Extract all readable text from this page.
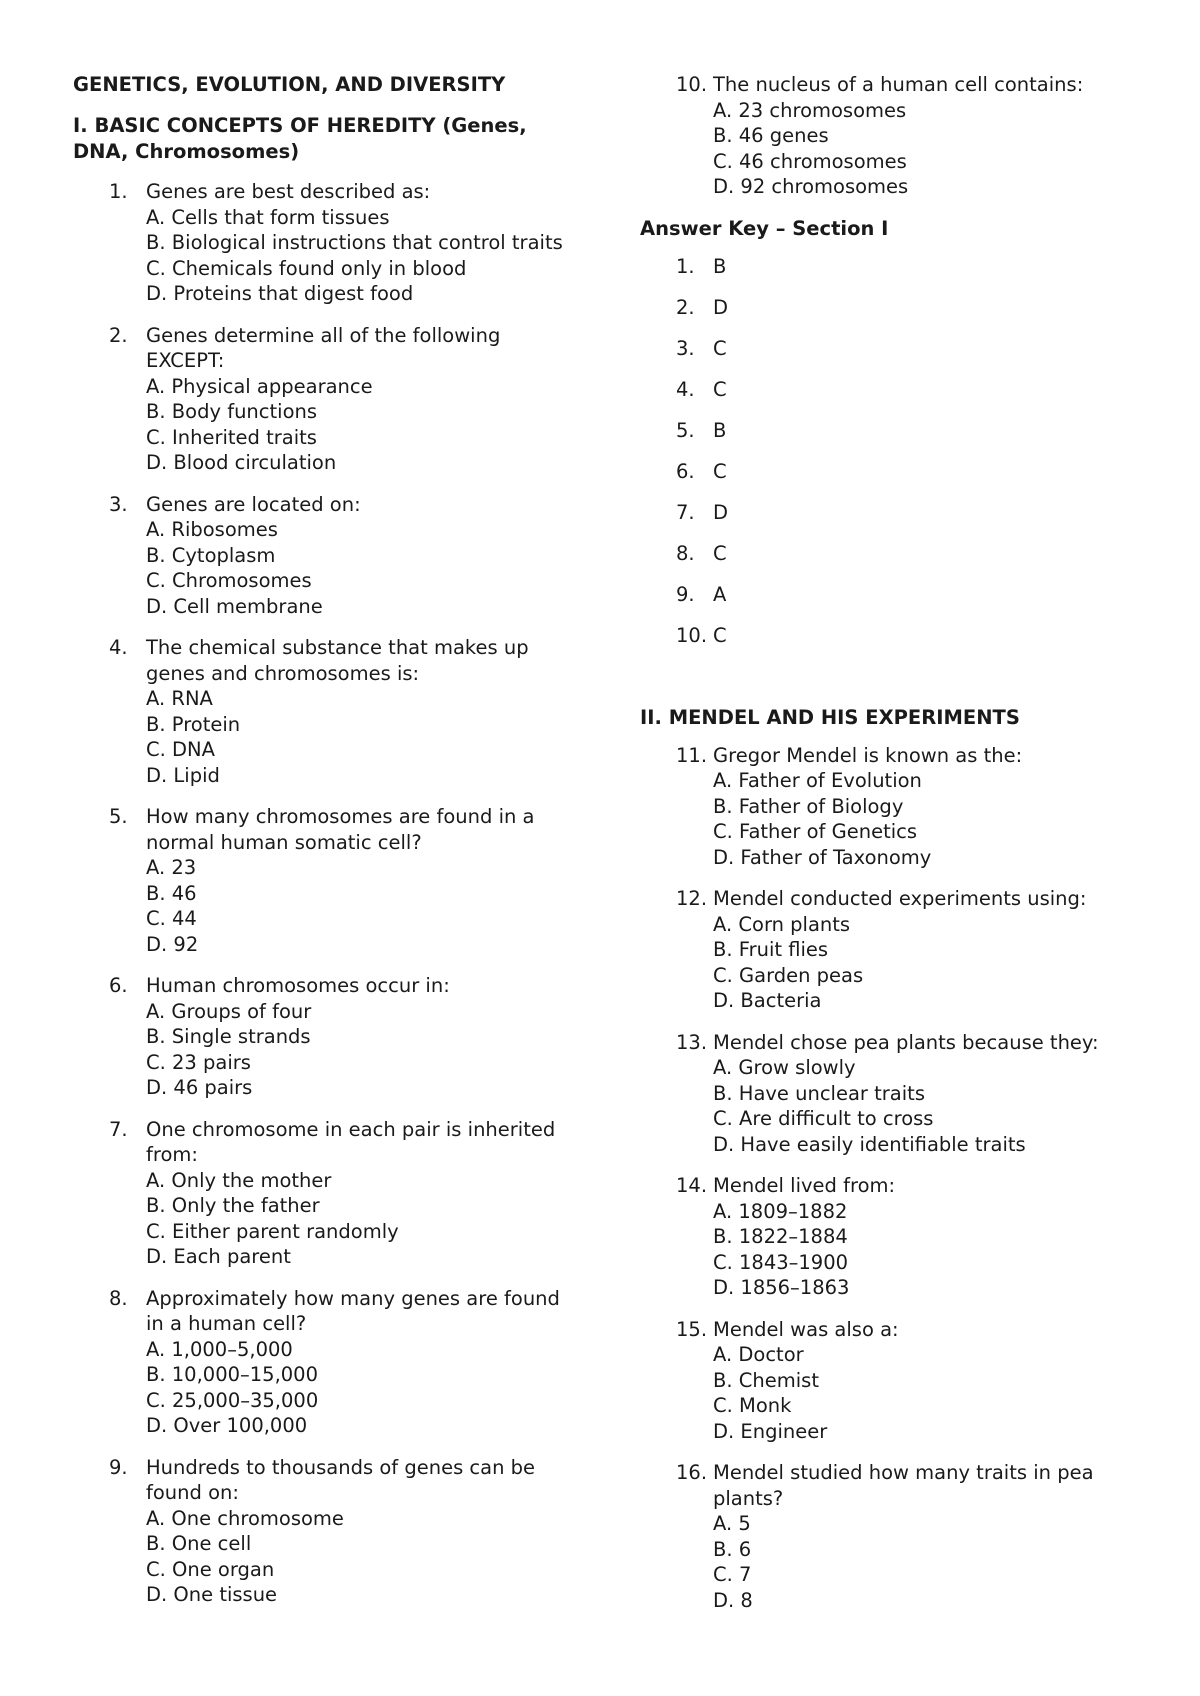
GENETICS, EVOLUTION, AND DIVERSITY
I. BASIC CONCEPTS OF HEREDITY (Genes, DNA, Chromosomes)
1. Genes are best described as:
A. Cells that form tissues
B. Biological instructions that control traits
C. Chemicals found only in blood
D. Proteins that digest food
2. Genes determine all of the following EXCEPT:
A. Physical appearance
B. Body functions
C. Inherited traits
D. Blood circulation
3. Genes are located on:
A. Ribosomes
B. Cytoplasm
C. Chromosomes
D. Cell membrane
4. The chemical substance that makes up genes and chromosomes is:
A. RNA
B. Protein
C. DNA
D. Lipid
5. How many chromosomes are found in a normal human somatic cell?
A. 23
B. 46
C. 44
D. 92
6. Human chromosomes occur in:
A. Groups of four
B. Single strands
C. 23 pairs
D. 46 pairs
7. One chromosome in each pair is inherited from:
A. Only the mother
B. Only the father
C. Either parent randomly
D. Each parent
8. Approximately how many genes are found in a human cell?
A. 1,000–5,000
B. 10,000–15,000
C. 25,000–35,000
D. Over 100,000
9. Hundreds to thousands of genes can be found on:
A. One chromosome
B. One cell
C. One organ
D. One tissue
10. The nucleus of a human cell contains:
A. 23 chromosomes
B. 46 genes
C. 46 chromosomes
D. 92 chromosomes
Answer Key – Section I
1. B
2. D
3. C
4. C
5. B
6. C
7. D
8. C
9. A
10. C
II. MENDEL AND HIS EXPERIMENTS
11. Gregor Mendel is known as the:
A. Father of Evolution
B. Father of Biology
C. Father of Genetics
D. Father of Taxonomy
12. Mendel conducted experiments using:
A. Corn plants
B. Fruit flies
C. Garden peas
D. Bacteria
13. Mendel chose pea plants because they:
A. Grow slowly
B. Have unclear traits
C. Are difficult to cross
D. Have easily identifiable traits
14. Mendel lived from:
A. 1809–1882
B. 1822–1884
C. 1843–1900
D. 1856–1863
15. Mendel was also a:
A. Doctor
B. Chemist
C. Monk
D. Engineer
16. Mendel studied how many traits in pea plants?
A. 5
B. 6
C. 7
D. 8
